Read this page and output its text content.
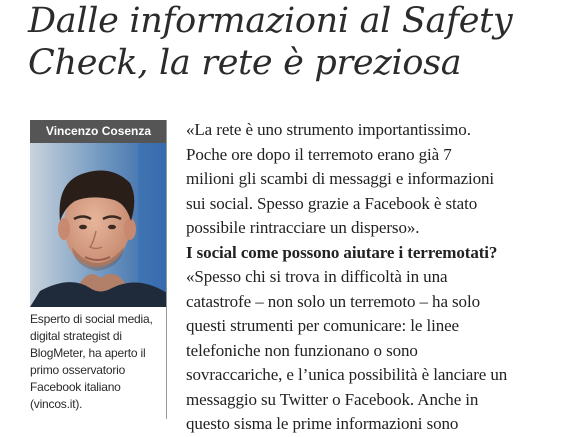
Dalle informazioni al Safety
Check, la rete è preziosa
Vincenzo Cosenza

Esperto di social media,
digital strategist di
BlogMeter, ha aperto il
primo osservatorio
Facebook italiano
(vincos.it).

«La rete è uno strumento importantissimo.
Poche ore dopo il terremoto erano già 7
milioni gli scambi di messaggi e informazioni
sui social. Spesso grazie a Facebook è stato
possibile rintracciare un disperso».
I social come possono aiutare i terremotati?
«Spesso chi si trova in difficoltà in una
catastrofe – non solo un terremoto – ha solo
questi strumenti per comunicare: le linee
telefoniche non funzionano o sono
sovraccariche, e l’unica possibilità è lanciare un
messaggio su Twitter o Facebook. Anche in
questo sisma le prime informazioni sono
